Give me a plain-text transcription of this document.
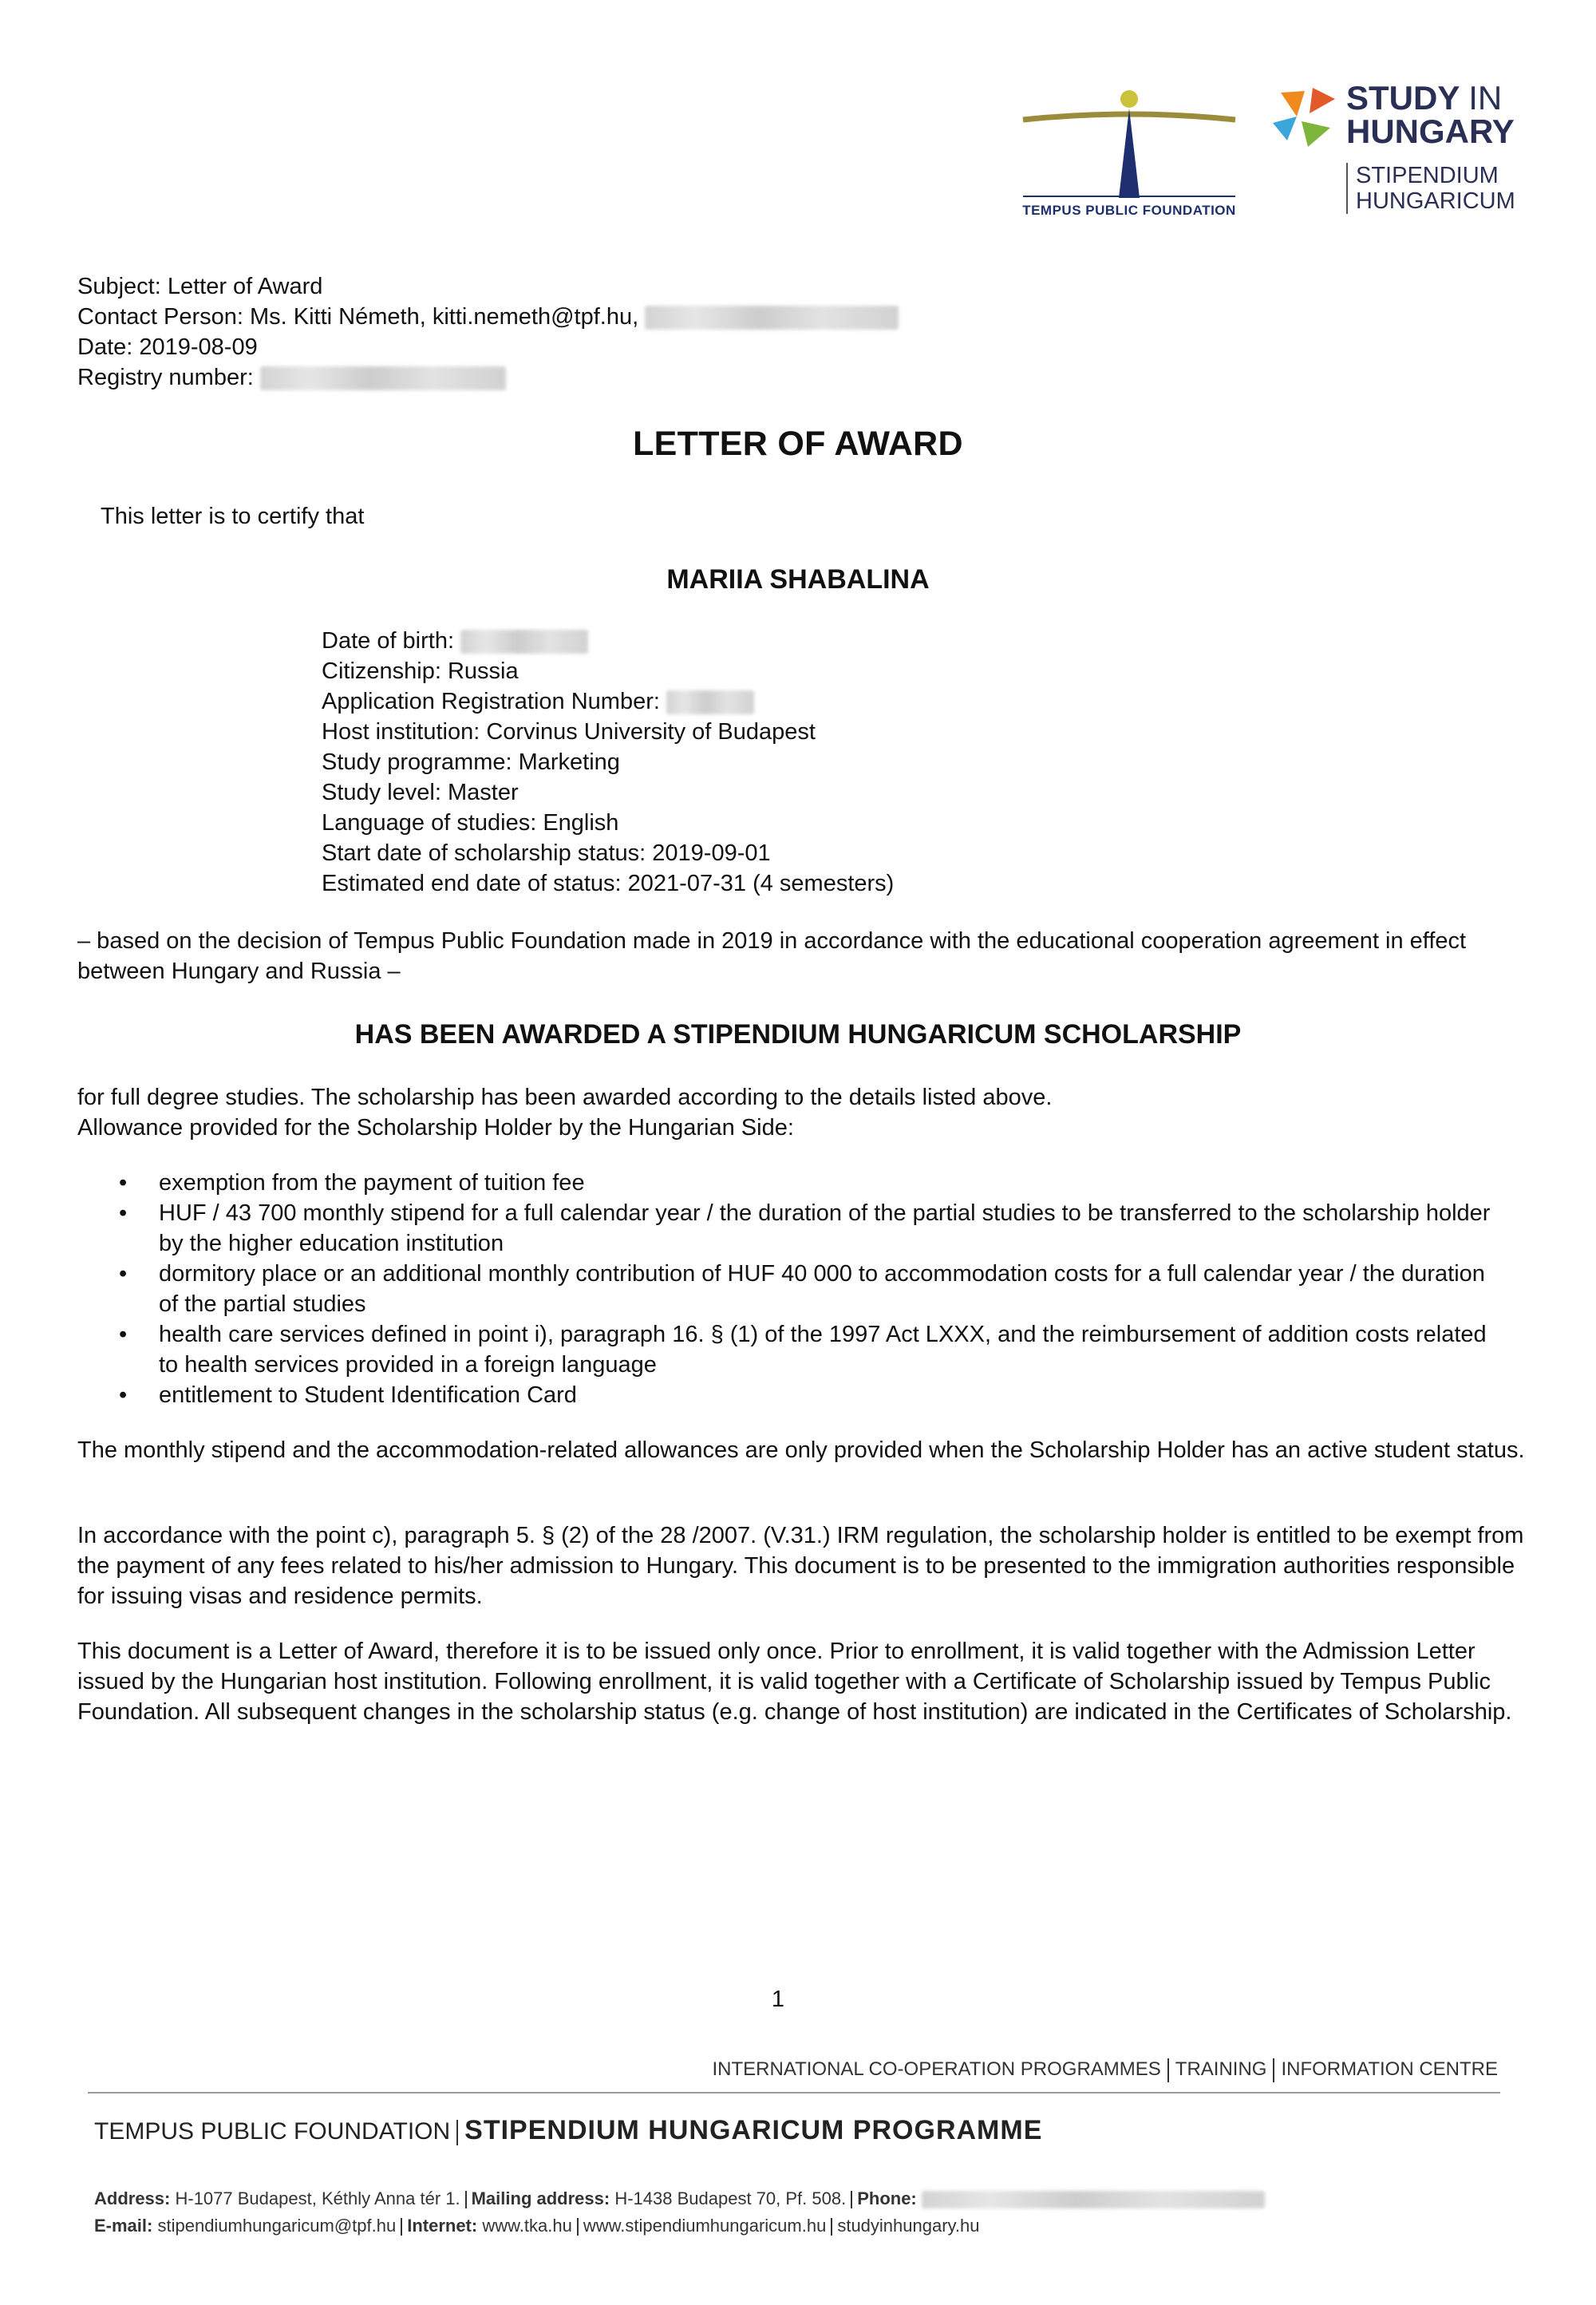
TEMPUS PUBLIC FOUNDATION
STUDY IN
HUNGARY
STIPENDIUM
HUNGARICUM
Subject: Letter of Award
Contact Person: Ms. Kitti Németh, kitti.nemeth@tpf.hu,
Date: 2019-08-09
Registry number:
LETTER OF AWARD
This letter is to certify that
MARIIA SHABALINA
Date of birth:
Citizenship: Russia
Application Registration Number:
Host institution: Corvinus University of Budapest
Study programme: Marketing
Study level: Master
Language of studies: English
Start date of scholarship status: 2019-09-01
Estimated end date of status: 2021-07-31 (4 semesters)

– based on the decision of Tempus Public Foundation made in 2019 in accordance with the educational cooperation agreement in effect between Hungary and Russia –

HAS BEEN AWARDED A STIPENDIUM HUNGARICUM SCHOLARSHIP
for full degree studies. The scholarship has been awarded according to the details listed above.
Allowance provided for the Scholarship Holder by the Hungarian Side:
• exemption from the payment of tuition fee
• HUF / 43 700 monthly stipend for a full calendar year / the duration of the partial studies to be transferred to the scholarship holder by the higher education institution
• dormitory place or an additional monthly contribution of HUF 40 000 to accommodation costs for a full calendar year / the duration of the partial studies
• health care services defined in point i), paragraph 16. § (1) of the 1997 Act LXXX, and the reimbursement of addition costs related to health services provided in a foreign language
• entitlement to Student Identification Card

The monthly stipend and the accommodation-related allowances are only provided when the Scholarship Holder has an active student status.

In accordance with the point c), paragraph 5. § (2) of the 28 /2007. (V.31.) IRM regulation, the scholarship holder is entitled to be exempt from the payment of any fees related to his/her admission to Hungary. This document is to be presented to the immigration authorities responsible for issuing visas and residence permits.

This document is a Letter of Award, therefore it is to be issued only once. Prior to enrollment, it is valid together with the Admission Letter issued by the Hungarian host institution. Following enrollment, it is valid together with a Certificate of Scholarship issued by Tempus Public Foundation. All subsequent changes in the scholarship status (e.g. change of host institution) are indicated in the Certificates of Scholarship.

1
INTERNATIONAL CO-OPERATION PROGRAMMES TRAINING INFORMATION CENTRE
TEMPUS PUBLIC FOUNDATION STIPENDIUM HUNGARICUM PROGRAMME
Address: H-1077 Budapest, Kéthly Anna tér 1. Mailing address: H-1438 Budapest 70, Pf. 508. Phone:
E-mail: stipendiumhungaricum@tpf.hu Internet: www.tka.hu www.stipendiumhungaricum.hu studyinhungary.hu
